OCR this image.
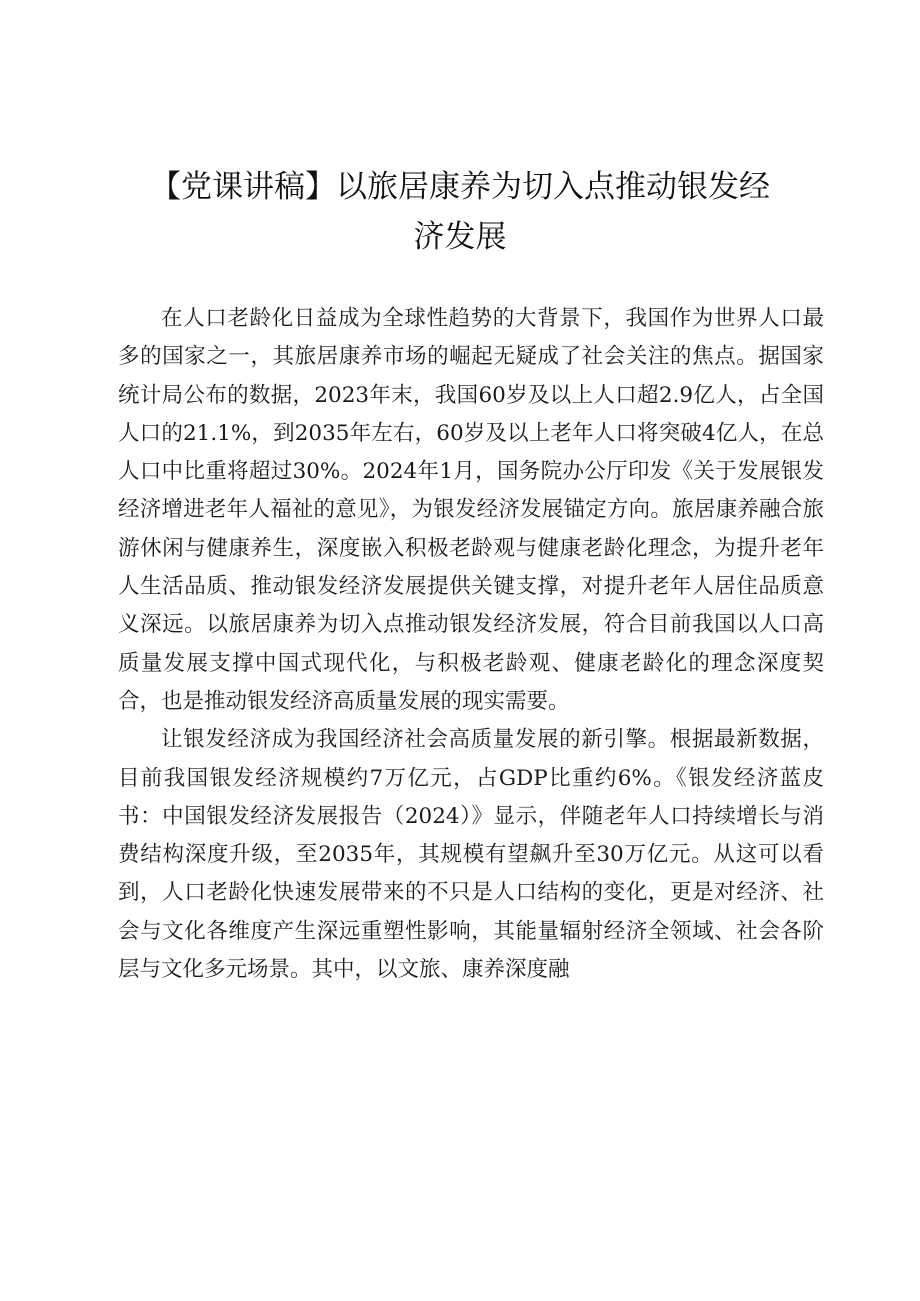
【党课讲稿】以旅居康养为切入点推动银发经
济发展

在人口老龄化日益成为全球性趋势的大背景下，我国作为世界人口最多的国家之一，其旅居康养市场的崛起无疑成了社会关注的焦点。据国家统计局公布的数据，2023年末，我国60岁及以上人口超2.9亿人，占全国人口的21.1%，到2035年左右，60岁及以上老年人口将突破4亿人，在总人口中比重将超过30%。2024年1月，国务院办公厅印发《关于发展银发经济增进老年人福祉的意见》，为银发经济发展锚定方向。旅居康养融合旅游休闲与健康养生，深度嵌入积极老龄观与健康老龄化理念，为提升老年人生活品质、推动银发经济发展提供关键支撑，对提升老年人居住品质意义深远。以旅居康养为切入点推动银发经济发展，符合目前我国以人口高质量发展支撑中国式现代化，与积极老龄观、健康老龄化的理念深度契合，也是推动银发经济高质量发展的现实需要。

让银发经济成为我国经济社会高质量发展的新引擎。根据最新数据，目前我国银发经济规模约7万亿元，占GDP比重约6%。《银发经济蓝皮书：中国银发经济发展报告（2024）》显示，伴随老年人口持续增长与消费结构深度升级，至2035年，其规模有望飙升至30万亿元。从这可以看到，人口老龄化快速发展带来的不只是人口结构的变化，更是对经济、社会与文化各维度产生深远重塑性影响，其能量辐射经济全领域、社会各阶层与文化多元场景。其中，以文旅、康养深度融
